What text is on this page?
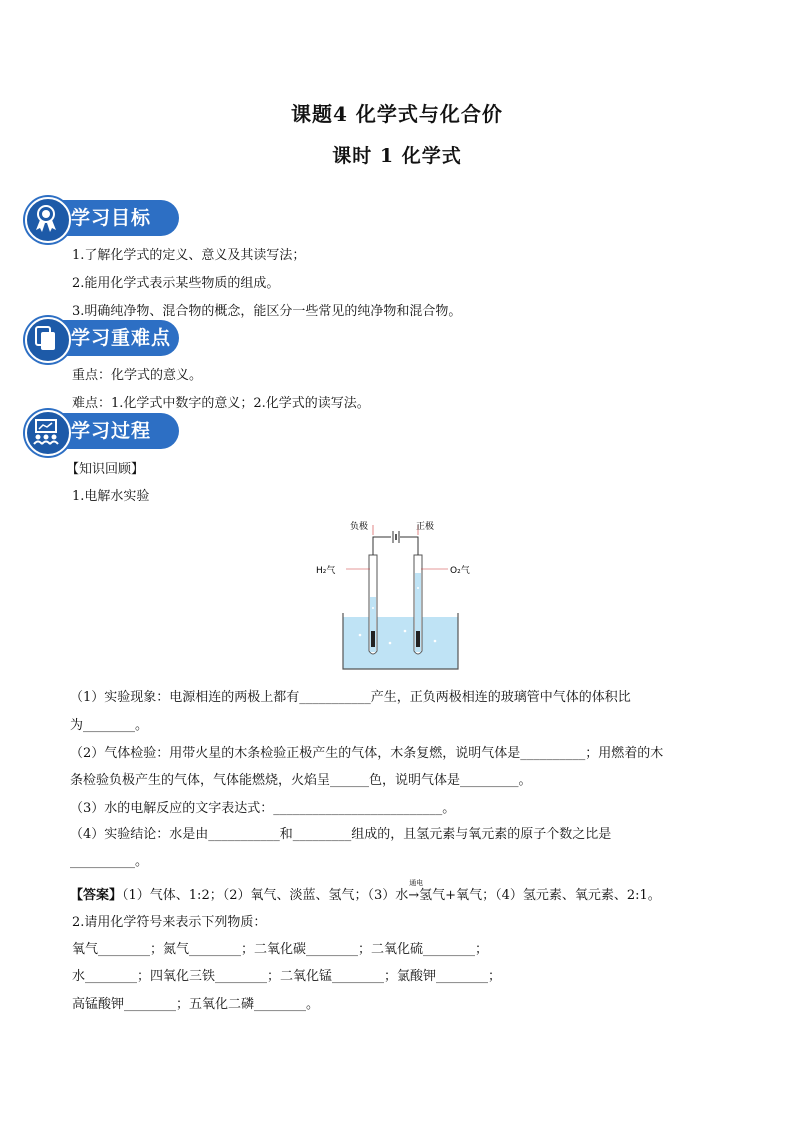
课题4 化学式与化合价
课时 1 化学式
学习目标
1.了解化学式的定义、意义及其读写法；
2.能用化学式表示某些物质的组成。
3.明确纯净物、混合物的概念，能区分一些常见的纯净物和混合物。
学习重难点
重点：化学式的意义。
难点：1.化学式中数字的意义；2.化学式的读写法。
学习过程
【知识回顾】
1.电解水实验
负极	正极
H₂气	O₂气
（1）实验现象：电源相连的两极上都有___________产生，正负两极相连的玻璃管中气体的体积比
为________。
（2）气体检验：用带火星的木条检验正极产生的气体，木条复燃，说明气体是__________；用燃着的木
条检验负极产生的气体，气体能燃烧，火焰呈______色，说明气体是_________。
（3）水的电解反应的文字表达式：__________________________。
（4）实验结论：水是由___________和_________组成的，且氢元素与氧元素的原子个数之比是
__________。
【答案】（1）气体、1:2；（2）氧气、淡蓝、氢气；（3）水
通电
→氢气+氧气；（4）氢元素、氧元素、2:1。
2.请用化学符号来表示下列物质：
氧气________；氮气________；二氧化碳________；二氧化硫________；
水________；四氧化三铁________；二氧化锰________；氯酸钾________；
高锰酸钾________；五氧化二磷________。
